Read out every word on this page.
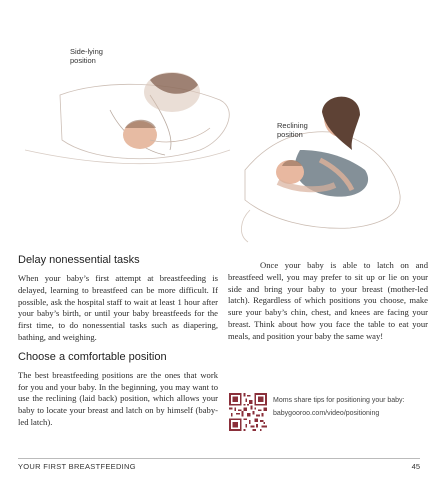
Side-lying
position
Reclining
position
Delay nonessential tasks

When your baby’s first attempt at breastfeeding is delayed, learning to breastfeed can be more difficult. If possible, ask the hospital staff to wait at least 1 hour after your baby’s birth, or until your baby breastfeeds for the first time, to do nonessential tasks such as diapering, bathing, and weighing.

Choose a comfortable position

The best breastfeeding positions are the ones that work for you and your baby. In the beginning, you may want to use the reclining (laid back) position, which allows your baby to locate your breast and latch on by himself (baby-led latch).

Once your baby is able to latch on and breastfeed well, you may prefer to sit up or lie on your side and bring your baby to your breast (mother-led latch). Regardless of which positions you choose, make sure your baby’s chin, chest, and knees are facing your breast. Think about how you face the table to eat your meals, and position your baby the same way!

Moms share tips for positioning your baby:
babygooroo.com/video/positioning
YOUR FIRST BREASTFEEDING	45
